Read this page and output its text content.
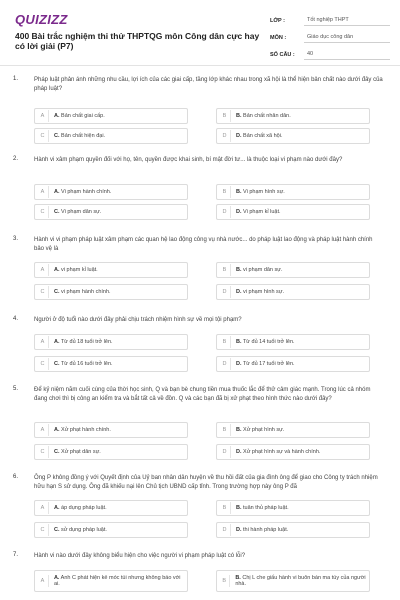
QUIZIZZ
400 Bài trắc nghiệm thi thử THPTQG môn Công dân cực hay có lời giải (P7)
LỚP :	Tốt nghiệp THPT
MÔN :	Giáo dục công dân
SỐ CÂU :	40
1.	Pháp luật phản ánh những nhu cầu, lợi ích của các giai cấp, tầng lớp khác nhau trong xã hội là thể hiện bản chất nào dưới đây của pháp luật?
A	A. Bản chất giai cấp.	B	B. Bản chất nhân dân.
C	C. Bản chất hiện đại.	D	D. Bản chất xã hội.
2.	Hành vi xâm phạm quyền đối với họ, tên, quyền được khai sinh, bí mật đời tư... là thuộc loại vi phạm nào dưới đây?
A	A. Vi phạm hành chính.	B	B. Vi phạm hình sự.
C	C. Vi phạm dân sự.	D	D. Vi phạm kỉ luật.
3.	Hành vi vi phạm pháp luật xâm phạm các quan hệ lao động công vụ nhà nước... do pháp luật lao động và pháp luật hành chính bảo vệ là
A	A. vi phạm kỉ luật.	B	B. vi phạm dân sự.
C	C. vi phạm hành chính.	D	D. vi phạm hình sự.
4.	Người ở độ tuổi nào dưới đây phải chịu trách nhiệm hình sự về mọi tội phạm?
A	A. Từ đủ 18 tuổi trở lên.	B	B. Từ đủ 14 tuổi trở lên.
C	C. Từ đủ 16 tuổi trở lên.	D	D. Từ đủ 17 tuổi trở lên.
5.	Để kỷ niệm năm cuối cùng của thời học sinh, Q và bạn bè chung tiền mua thuốc lắc để thử cảm giác mạnh. Trong lúc cả nhóm đang chơi thì bị công an kiểm tra và bắt tất cả về đồn. Q và các bạn đã bị xử phạt theo hình thức nào dưới đây?
A	A. Xử phạt hành chính.	B	B. Xử phạt hình sự.
C	C. Xử phạt dân sự.	D	D. Xử phạt hình sự và hành chính.
6.	Ông P không đồng ý với Quyết định của Uỷ ban nhân dân huyện về thu hồi đất của gia đình ông để giao cho Công ty trách nhiệm hữu hạn S sử dụng. Ông đã khiếu nại lên Chủ tịch UBND cấp tỉnh. Trong trường hợp này ông P đã
A	A. áp dụng pháp luật.	B	B. tuân thủ pháp luật.
C	C. sử dụng pháp luật.	D	D. thi hành pháp luật.
7.	Hành vi nào dưới đây không biểu hiện cho việc người vi phạm pháp luật có lỗi?
A
A. Anh C phát hiện kẻ móc túi nhưng không báo với ai.	B
B. Chị L che giấu hành vi buôn bán ma túy của người nhà.
